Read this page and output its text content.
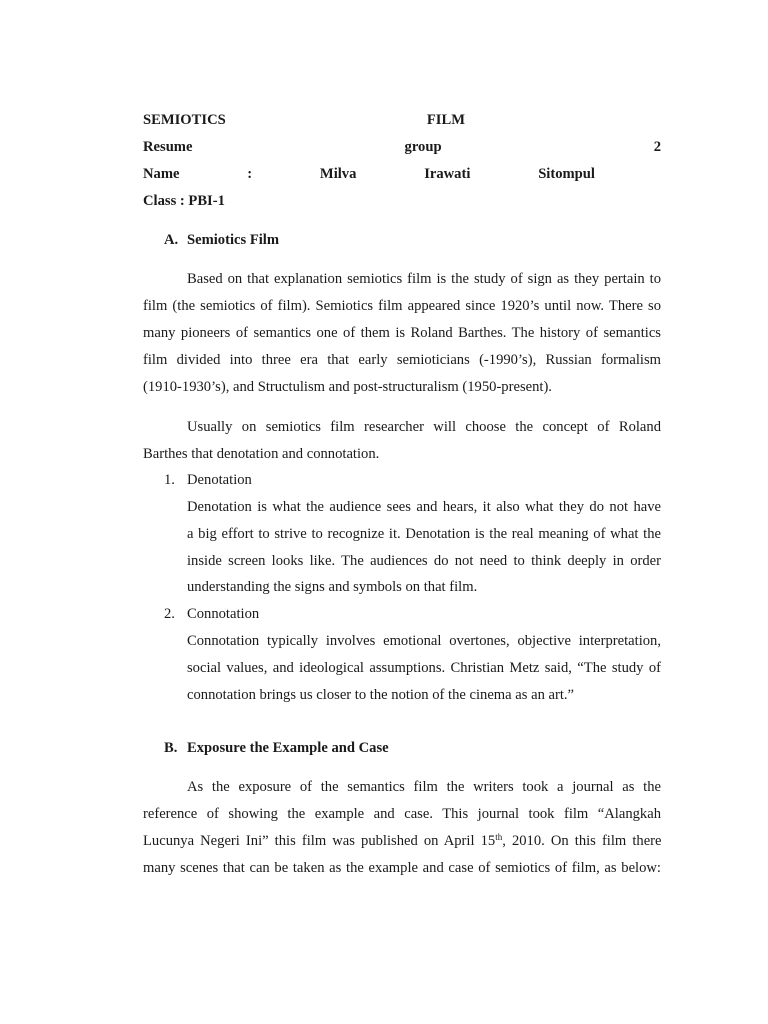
SEMIOTICS	FILM
Resume	group	2
Name	:	Milva	Irawati	Sitompul
Class : PBI-1
A. Semiotics Film
Based on that explanation semiotics film is the study of sign as they pertain to
film (the semiotics of film). Semiotics film appeared since 1920’s until now. There so
many pioneers of semantics one of them is Roland Barthes. The history of semantics
film divided into three era that early semioticians (-1990’s), Russian formalism
(1910-1930’s), and Structulism and post-structuralism (1950-present).
Usually on semiotics film researcher will choose the concept of Roland
Barthes that denotation and connotation.
1. Denotation
Denotation is what the audience sees and hears, it also what they do not have
a big effort to strive to recognize it. Denotation is the real meaning of what the
inside screen looks like. The audiences do not need to think deeply in order
understanding the signs and symbols on that film.
2. Connotation
Connotation typically involves emotional overtones, objective interpretation,
social values, and ideological assumptions. Christian Metz said, “The study of
connotation brings us closer to the notion of the cinema as an art.”
B. Exposure the Example and Case
As the exposure of the semantics film the writers took a journal as the
reference of showing the example and case. This journal took film “Alangkah
Lucunya Negeri Ini” this film was published on April 15th, 2010. On this film there
many scenes that can be taken as the example and case of semiotics of film, as below:
